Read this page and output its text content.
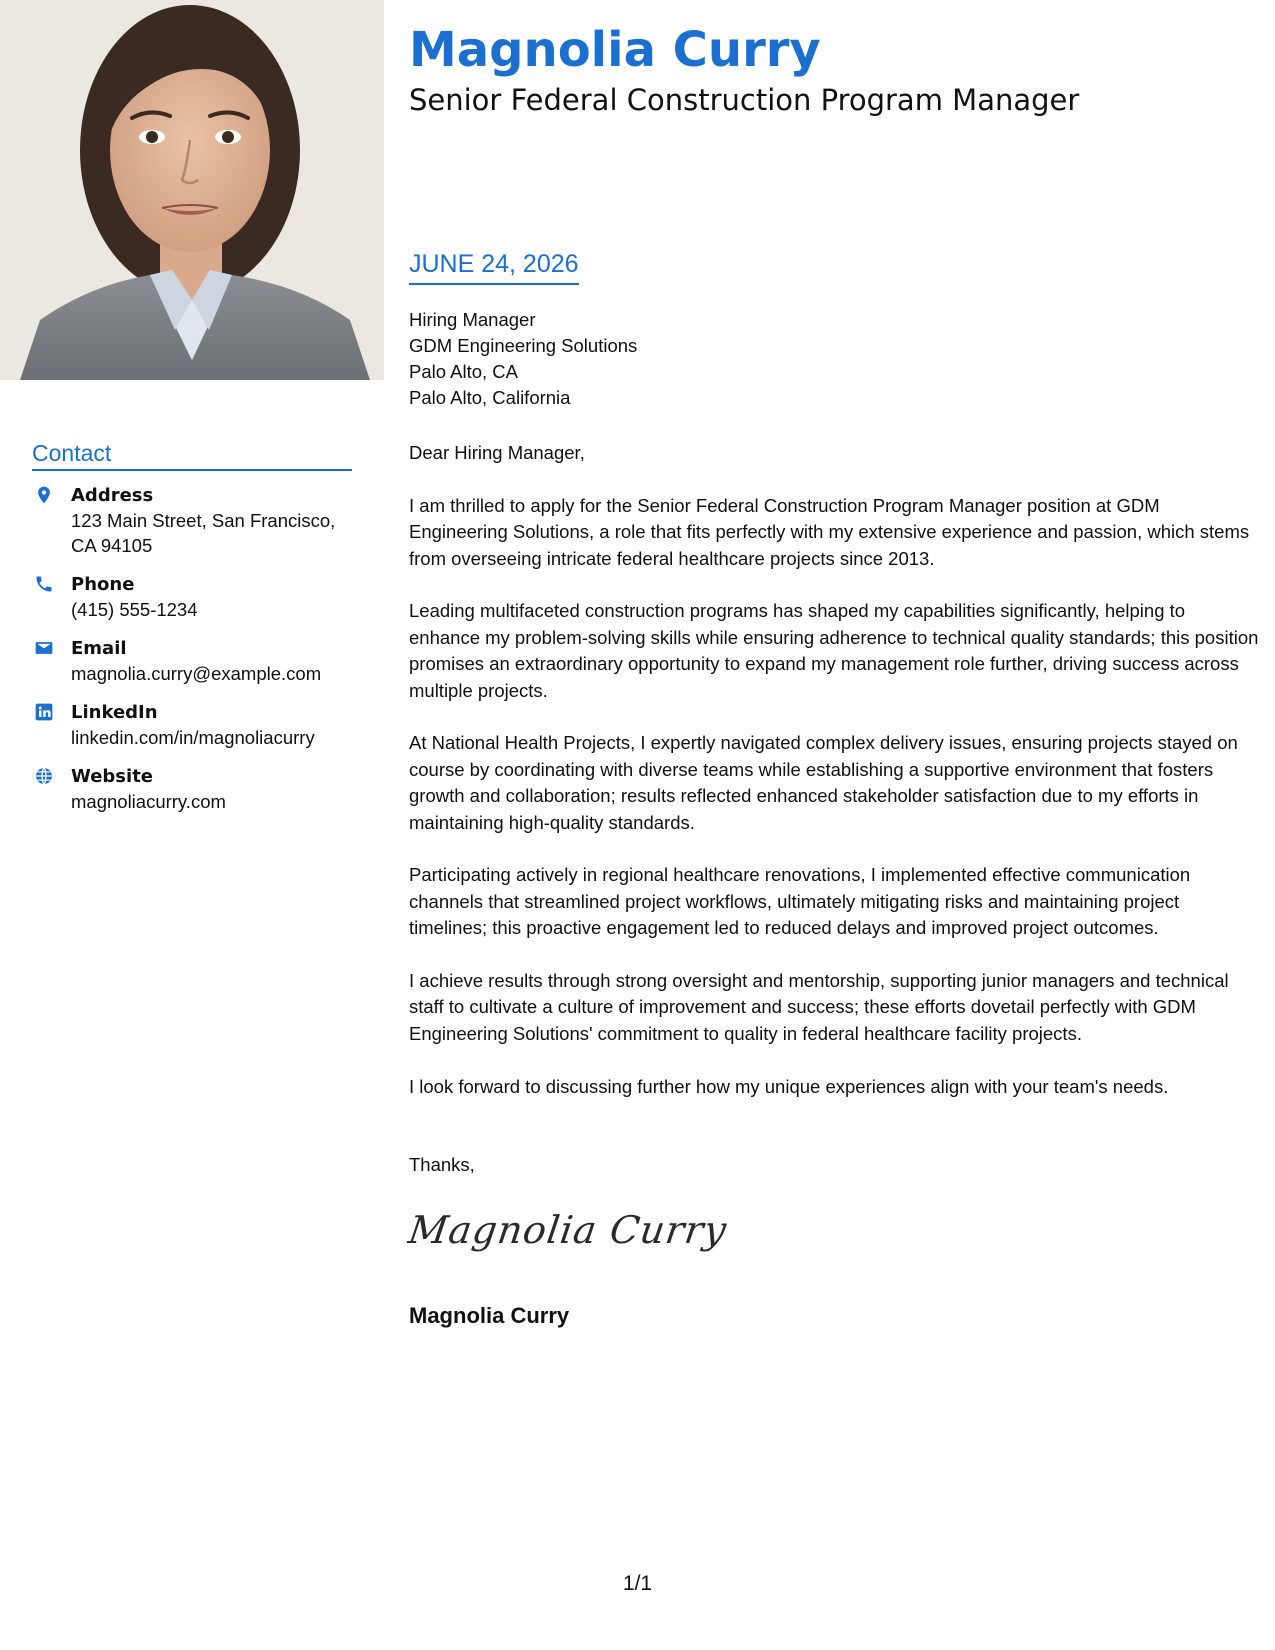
Magnolia Curry
Senior Federal Construction Program Manager
JUNE 24, 2026
Hiring Manager
GDM Engineering Solutions
Palo Alto, CA
Palo Alto, California
Contact
Address
123 Main Street, San Francisco, CA 94105
Phone
(415) 555-1234
Email
magnolia.curry@example.com
LinkedIn
linkedin.com/in/magnoliacurry
Website
magnoliacurry.com

Dear Hiring Manager,

I am thrilled to apply for the Senior Federal Construction Program Manager position at GDM Engineering Solutions, a role that fits perfectly with my extensive experience and passion, which stems from overseeing intricate federal healthcare projects since 2013.

Leading multifaceted construction programs has shaped my capabilities significantly, helping to enhance my problem-solving skills while ensuring adherence to technical quality standards; this position promises an extraordinary opportunity to expand my management role further, driving success across multiple projects.

At National Health Projects, I expertly navigated complex delivery issues, ensuring projects stayed on course by coordinating with diverse teams while establishing a supportive environment that fosters growth and collaboration; results reflected enhanced stakeholder satisfaction due to my efforts in maintaining high-quality standards.

Participating actively in regional healthcare renovations, I implemented effective communication channels that streamlined project workflows, ultimately mitigating risks and maintaining project timelines; this proactive engagement led to reduced delays and improved project outcomes.

I achieve results through strong oversight and mentorship, supporting junior managers and technical staff to cultivate a culture of improvement and success; these efforts dovetail perfectly with GDM Engineering Solutions' commitment to quality in federal healthcare facility projects.

I look forward to discussing further how my unique experiences align with your team's needs.

Thanks,
Magnolia Curry
Magnolia Curry
1/1
